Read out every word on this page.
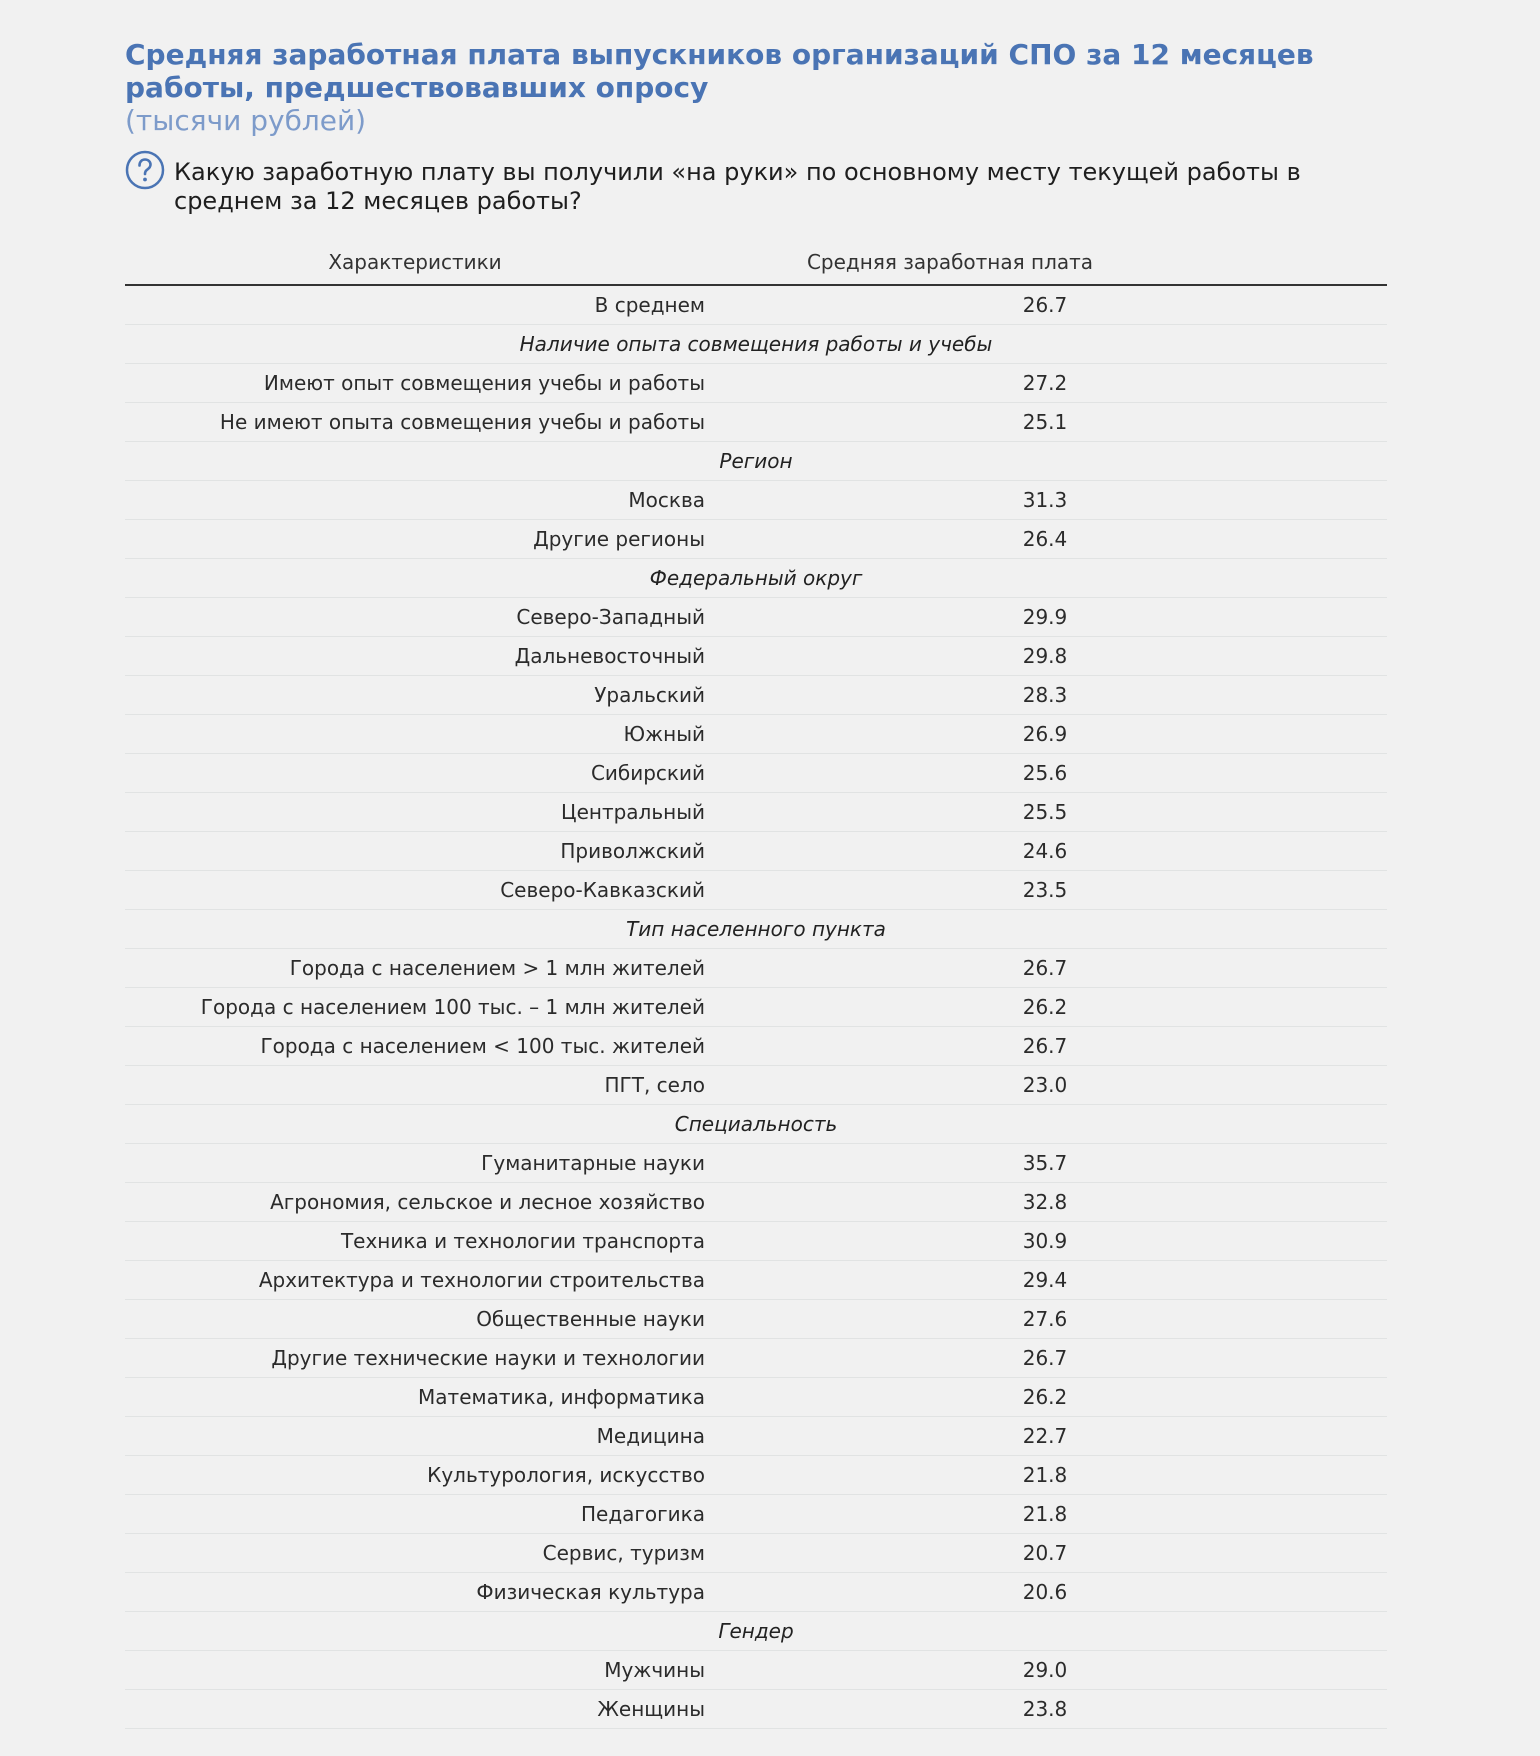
Средняя заработная плата выпускников организаций СПО за 12 месяцев работы, предшествовавших опросу
(тысячи рублей)

Какую заработную плату вы получили «на руки» по основному месту текущей работы в среднем за 12 месяцев работы?

Характеристики	Средняя заработная плата
В среднем	26.7
Наличие опыта совмещения работы и учебы
Имеют опыт совмещения учебы и работы	27.2
Не имеют опыта совмещения учебы и работы	25.1
Регион
Москва	31.3
Другие регионы	26.4
Федеральный округ
Северо-Западный	29.9
Дальневосточный	29.8
Уральский	28.3
Южный	26.9
Сибирский	25.6
Центральный	25.5
Приволжский	24.6
Северо-Кавказский	23.5
Тип населенного пункта
Города с населением > 1 млн жителей	26.7
Города с населением 100 тыс. – 1 млн жителей	26.2
Города с населением < 100 тыс. жителей	26.7
ПГТ, село	23.0
Специальность
Гуманитарные науки	35.7
Агрономия, сельское и лесное хозяйство	32.8
Техника и технологии транспорта	30.9
Архитектура и технологии строительства	29.4
Общественные науки	27.6
Другие технические науки и технологии	26.7
Математика, информатика	26.2
Медицина	22.7
Культурология, искусство	21.8
Педагогика	21.8
Сервис, туризм	20.7
Физическая культура	20.6
Гендер
Мужчины	29.0
Женщины	23.8
